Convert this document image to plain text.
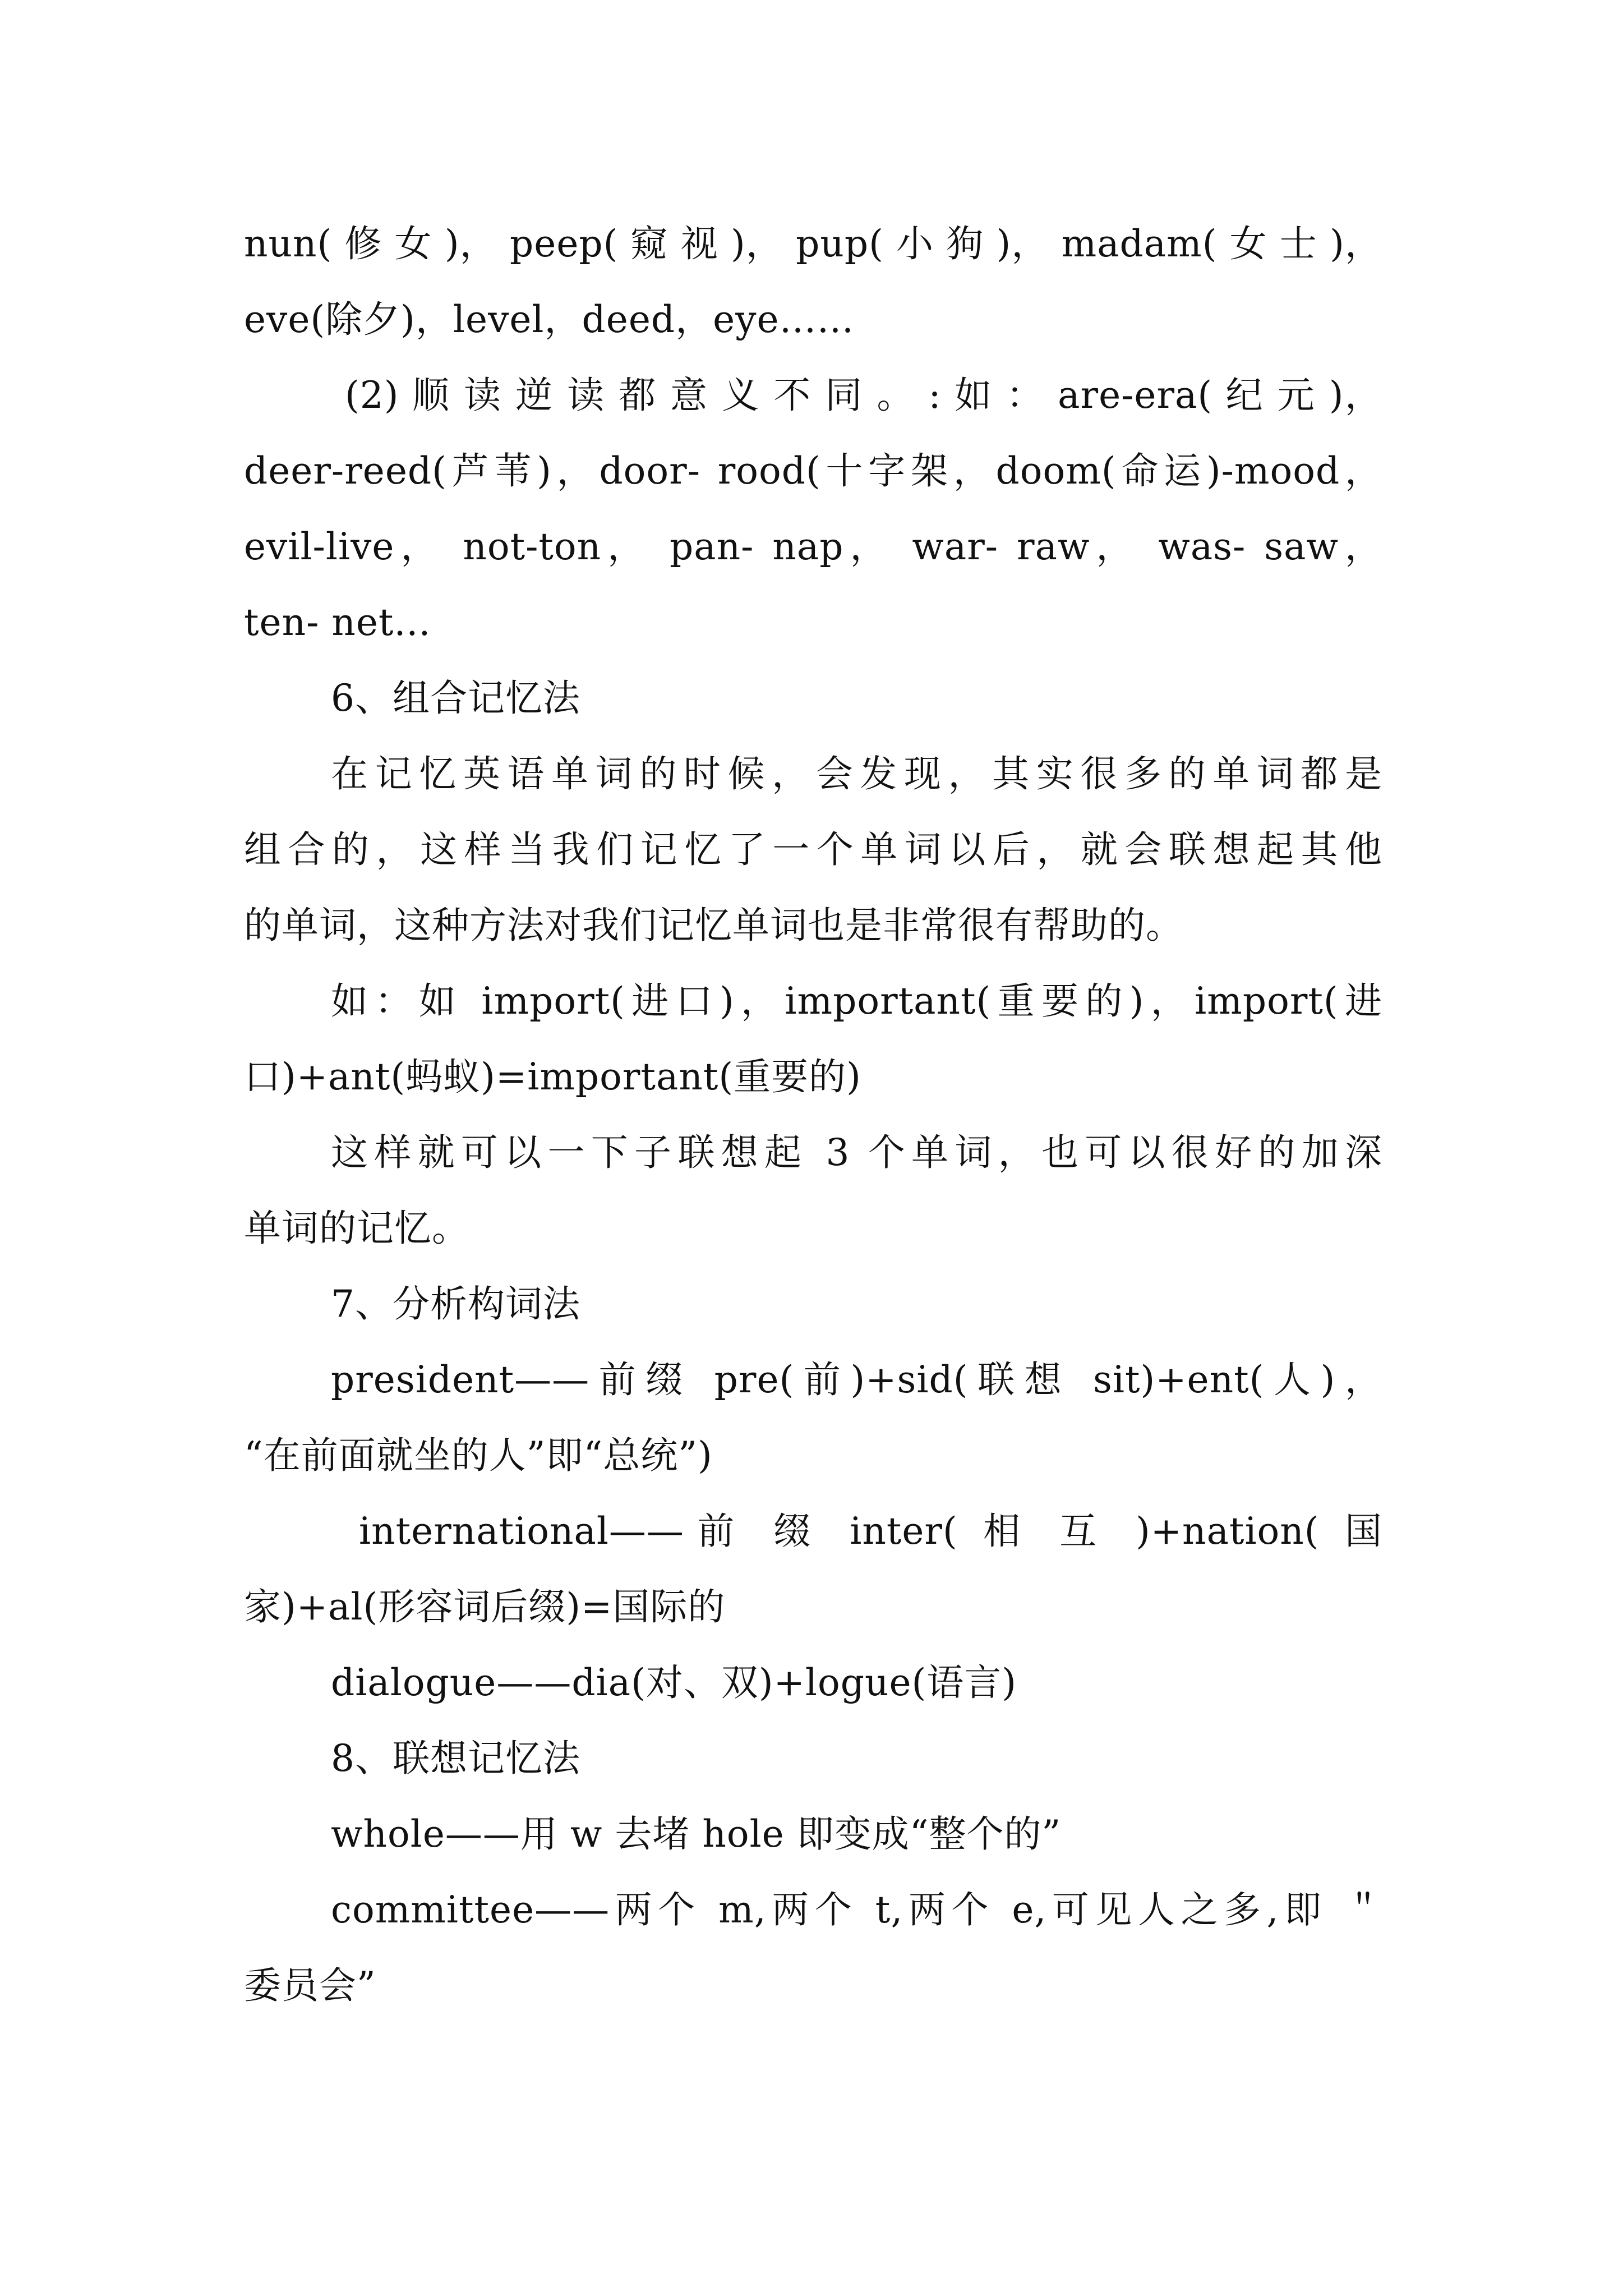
nun( 修 女 )， peep( 窥 视 )， pup( 小 狗 )， madam( 女 士 )，
eve(除夕)，level，deed，eye……
(2) 顺 读 逆 读 都 意 义 不 同 。 : 如 ： are-era( 纪 元 )，
deer-reed(芦苇)，door- rood(十字架，doom(命运)-mood，
evil-live， not-ton， pan- nap， war- raw， was- saw，
ten- net...
6、组合记忆法
在记忆英语单词的时候，会发现，其实很多的单词都是
组合的，这样当我们记忆了一个单词以后，就会联想起其他
的单词，这种方法对我们记忆单词也是非常很有帮助的。
如：如 import(进口)，important(重要的)，import(进
口)+ant(蚂蚁)=important(重要的)
这样就可以一下子联想起 3 个单词，也可以很好的加深
单词的记忆。
7、分析构词法
president——前缀 pre(前)+sid(联想 sit)+ent(人)，
“在前面就坐的人”即“总统”)
international——前 缀 inter( 相 互 )+nation( 国
家)+al(形容词后缀)=国际的
dialogue——dia(对、双)+logue(语言)
8、联想记忆法
whole——用 w 去堵 hole 即变成“整个的”
committee——两个 m,两个 t,两个 e,可见人之多,即 ＂
委员会”
